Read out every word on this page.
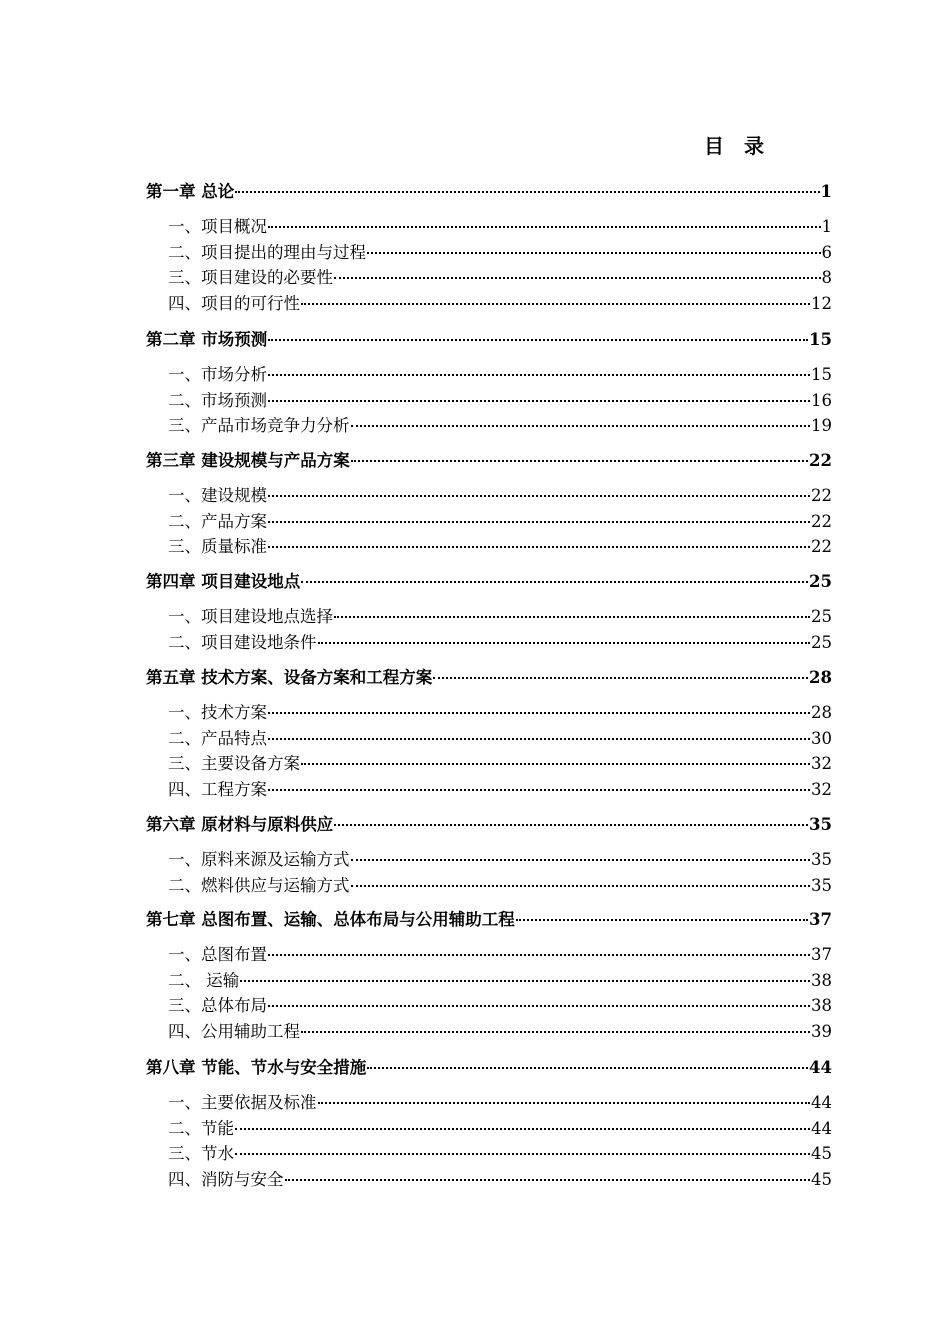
目 录
第一章 总论	1
一、项目概况	1
二、项目提出的理由与过程	6
三、项目建设的必要性	8
四、项目的可行性	12
第二章 市场预测	15
一、市场分析	15
二、市场预测	16
三、产品市场竞争力分析	19
第三章 建设规模与产品方案	22
一、建设规模	22
二、产品方案	22
三、质量标准	22
第四章 项目建设地点	25
一、项目建设地点选择	25
二、项目建设地条件	25
第五章 技术方案、设备方案和工程方案	28
一、技术方案	28
二、产品特点	30
三、主要设备方案	32
四、工程方案	32
第六章 原材料与原料供应	35
一、原料来源及运输方式	35
二、燃料供应与运输方式	35
第七章 总图布置、运输、总体布局与公用辅助工程	37
一、总图布置	37
二、 运输	38
三、总体布局	38
四、公用辅助工程	39
第八章 节能、节水与安全措施	44
一、主要依据及标准	44
二、节能	44
三、节水	45
四、消防与安全	45
